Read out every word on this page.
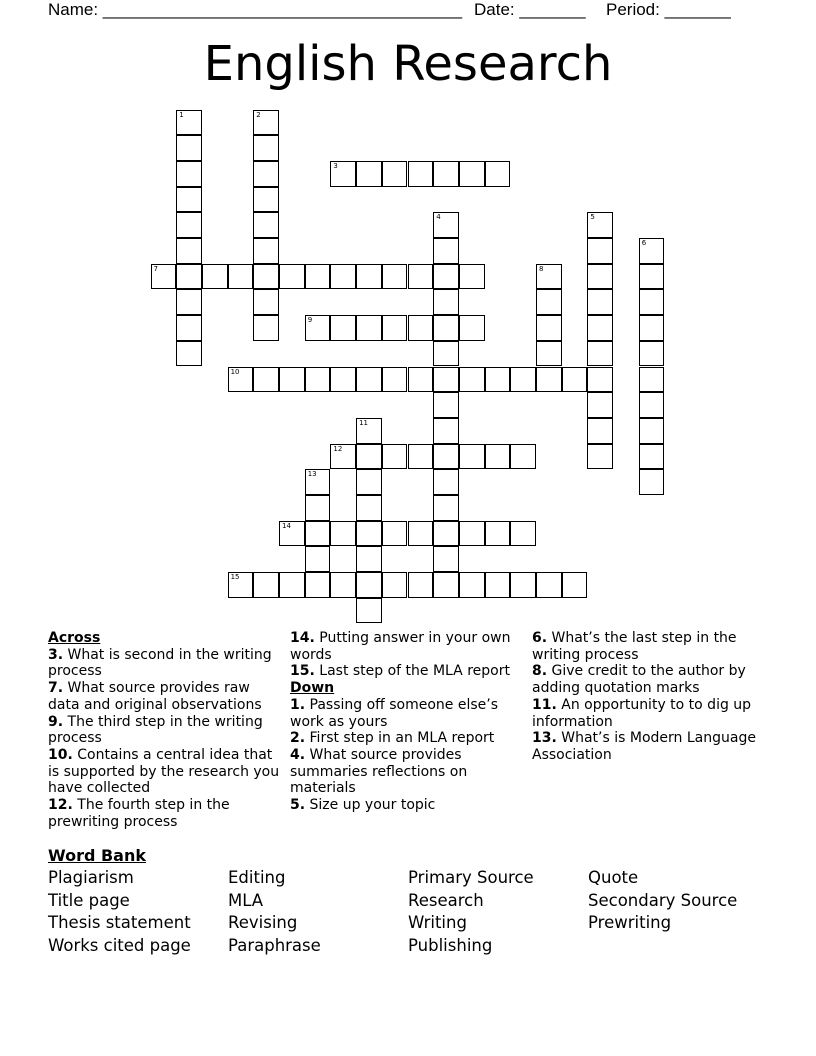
Name: ______________________________________ Date: _______ Period: _______
English Research
1	2
3
4	5
6
7	8
9
10
11
12
13
14
15

Across

3. What is second in the writing process

7. What source provides raw data and original observations

9. The third step in the writing process

10. Contains a central idea that is supported by the research you have collected

12. The fourth step in the prewriting process

14. Putting answer in your own words

15. Last step of the MLA report

Down

1. Passing off someone else’s work as yours

2. First step in an MLA report

4. What source provides summaries reflections on materials

5. Size up your topic

6. What’s the last step in the writing process

8. Give credit to the author by adding quotation marks

11. An opportunity to to dig up information

13. What’s is Modern Language Association

Word Bank
Plagiarism
Title page
Thesis statement
Works cited page
Editing
MLA
Revising
Paraphrase
Primary Source
Research
Writing
Publishing
Quote
Secondary Source
Prewriting
